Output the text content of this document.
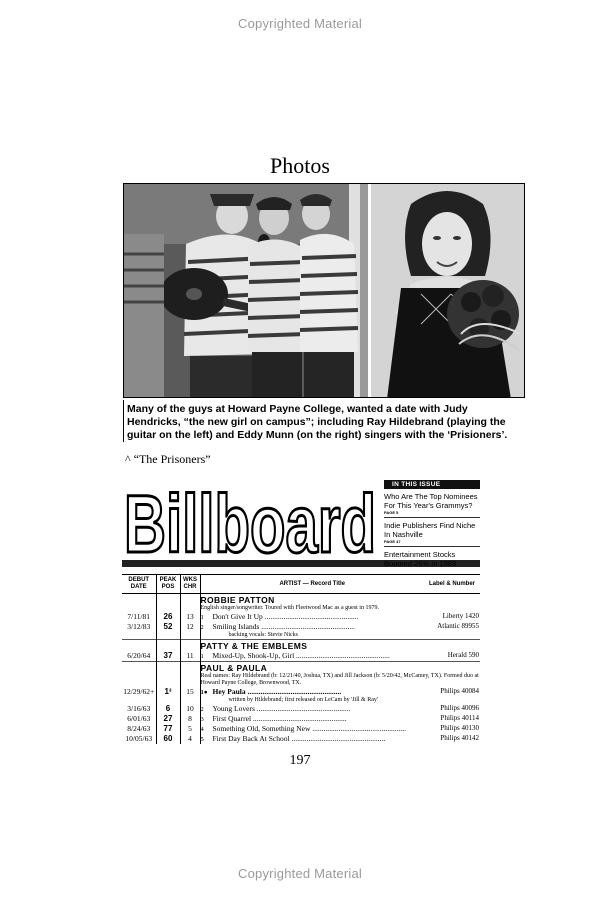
Copyrighted Material
Photos
Many of the guys at Howard Payne College, wanted a date with Judy Hendricks, “the new girl on campus”; including Ray Hildebrand (playing the guitar on the left) and Eddy Munn (on the right) singers with the ‘Prisioners’.
^ “The Prisoners”
Billboard	IN THIS ISSUE
Who Are The Top Nominees For This Year's Grammys?
PAGE 5
Indie Publishers Find Niche In Nashville
PAGE 47
Entertainment Stocks Boomed 26% In 1989
DEBUT DATE	PEAK POS	WKS CHR	ARTIST — Record Title	Label & Number
			ROBBIE PATTON	
			English singer/songwriter. Toured with Fleetwood Mac as a guest in 1979.	
7/11/81	26	13	1 Don't Give It Up ..................................................	Liberty 1420
3/12/83	52	12	2 Smiling Islands ..................................................	Atlantic 89955
			backing vocals: Stevie Nicks	
			PATTY & THE EMBLEMS	
6/20/64	37	11	1 Mixed-Up, Shook-Up, Girl ..................................................	Herald 590
			PAUL & PAULA	
			Real names: Ray Hildebrand (b: 12/21/40, Joshua, TX) and Jill Jackson (b: 5/20/42, McCamey, TX). Formed duo at Howard Payne College, Brownwood, TX.	
12/29/62+	1³	15	1● Hey Paula ..................................................	Philips 40084
			written by Hildebrand; first released on LeCam by 'Jill & Ray'	
3/16/63	6	10	2 Young Lovers ..................................................	Philips 40096
6/01/63	27	8	3 First Quarrel ..................................................	Philips 40114
8/24/63	77	5	4 Something Old, Something New ..................................................	Philips 40130
10/05/63	60	4	5 First Day Back At School ..................................................	Philips 40142
197
Copyrighted Material
